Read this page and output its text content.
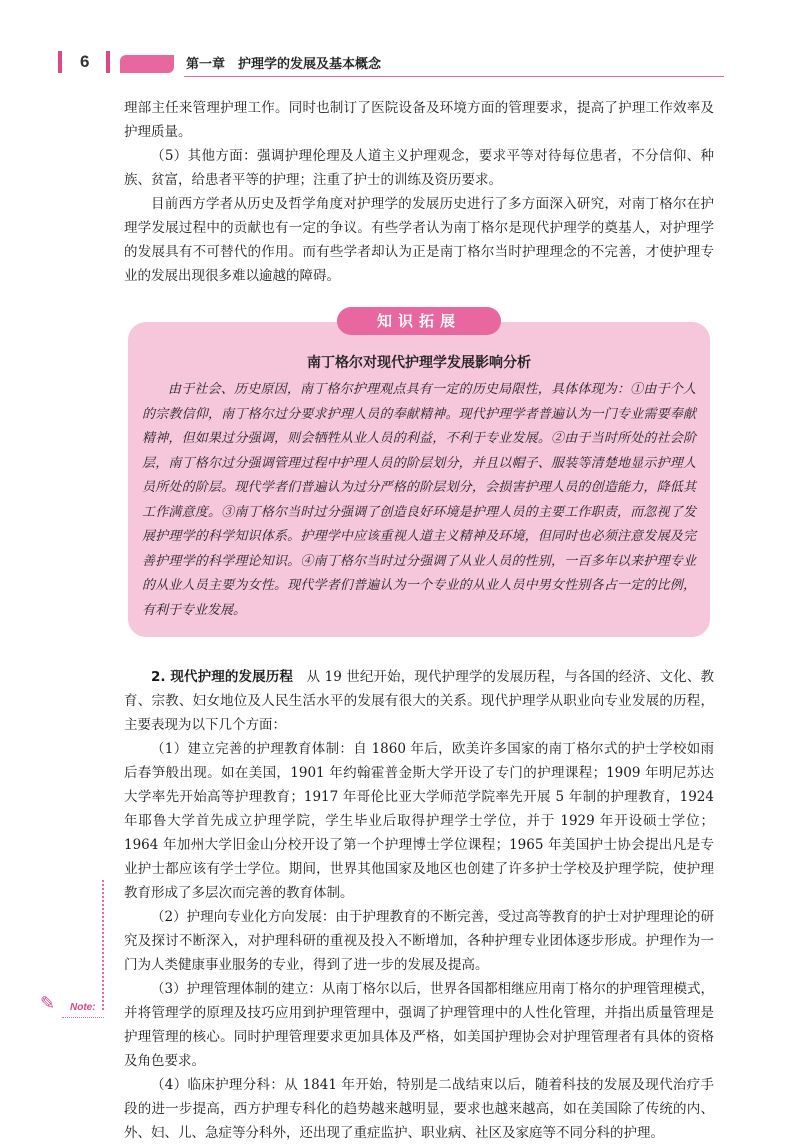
6	第一章　护理学的发展及基本概念

理部主任来管理护理工作。同时也制订了医院设备及环境方面的管理要求，提高了护理工作效率及护理质量。

（5）其他方面：强调护理伦理及人道主义护理观念，要求平等对待每位患者，不分信仰、种族、贫富，给患者平等的护理；注重了护士的训练及资历要求。

目前西方学者从历史及哲学角度对护理学的发展历史进行了多方面深入研究，对南丁格尔在护理学发展过程中的贡献也有一定的争议。有些学者认为南丁格尔是现代护理学的奠基人，对护理学的发展具有不可替代的作用。而有些学者却认为正是南丁格尔当时护理理念的不完善，才使护理专业的发展出现很多难以逾越的障碍。

知识拓展

南丁格尔对现代护理学发展影响分析

由于社会、历史原因，南丁格尔护理观点具有一定的历史局限性，具体体现为：①由于个人的宗教信仰，南丁格尔过分要求护理人员的奉献精神。现代护理学者普遍认为一门专业需要奉献精神，但如果过分强调，则会牺牲从业人员的利益，不利于专业发展。②由于当时所处的社会阶层，南丁格尔过分强调管理过程中护理人员的阶层划分，并且以帽子、服装等清楚地显示护理人员所处的阶层。现代学者们普遍认为过分严格的阶层划分，会损害护理人员的创造能力，降低其工作满意度。③南丁格尔当时过分强调了创造良好环境是护理人员的主要工作职责，而忽视了发展护理学的科学知识体系。护理学中应该重视人道主义精神及环境，但同时也必须注意发展及完善护理学的科学理论知识。④南丁格尔当时过分强调了从业人员的性别，一百多年以来护理专业的从业人员主要为女性。现代学者们普遍认为一个专业的从业人员中男女性别各占一定的比例，有利于专业发展。

2. 现代护理的发展历程　从 19 世纪开始，现代护理学的发展历程，与各国的经济、文化、教育、宗教、妇女地位及人民生活水平的发展有很大的关系。现代护理学从职业向专业发展的历程，主要表现为以下几个方面：

（1）建立完善的护理教育体制：自 1860 年后，欧美许多国家的南丁格尔式的护士学校如雨后春笋般出现。如在美国，1901 年约翰霍普金斯大学开设了专门的护理课程；1909 年明尼苏达大学率先开始高等护理教育；1917 年哥伦比亚大学师范学院率先开展 5 年制的护理教育，1924 年耶鲁大学首先成立护理学院，学生毕业后取得护理学士学位，并于 1929 年开设硕士学位；1964 年加州大学旧金山分校开设了第一个护理博士学位课程；1965 年美国护士协会提出凡是专业护士都应该有学士学位。期间，世界其他国家及地区也创建了许多护士学校及护理学院，使护理教育形成了多层次而完善的教育体制。

（2）护理向专业化方向发展：由于护理教育的不断完善，受过高等教育的护士对护理理论的研究及探讨不断深入，对护理科研的重视及投入不断增加，各种护理专业团体逐步形成。护理作为一门为人类健康事业服务的专业，得到了进一步的发展及提高。

（3）护理管理体制的建立：从南丁格尔以后，世界各国都相继应用南丁格尔的护理管理模式，并将管理学的原理及技巧应用到护理管理中，强调了护理管理中的人性化管理，并指出质量管理是护理管理的核心。同时护理管理要求更加具体及严格，如美国护理协会对护理管理者有具体的资格及角色要求。

（4）临床护理分科：从 1841 年开始，特别是二战结束以后，随着科技的发展及现代治疗手段的进一步提高，西方护理专科化的趋势越来越明显，要求也越来越高，如在美国除了传统的内、外、妇、儿、急症等分科外，还出现了重症监护、职业病、社区及家庭等不同分科的护理。

✎ Note:
